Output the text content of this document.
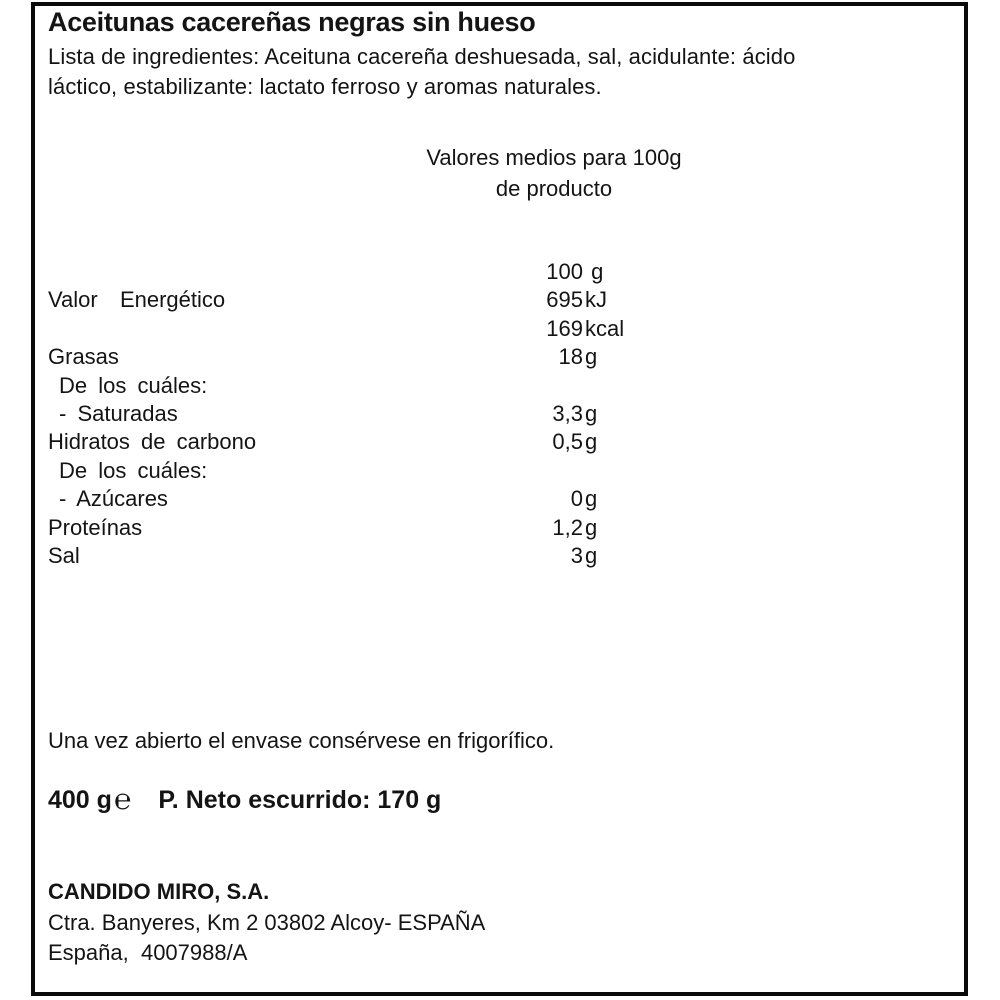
Aceitunas cacereñas negras sin hueso
Lista de ingredientes: Aceituna cacereña deshuesada, sal, acidulante: ácido
láctico, estabilizante: lactato ferroso y aromas naturales.
Valores medios para 100g
de producto
100 g
Valor  Energético	695 kJ
169 kcal
Grasas	18 g
De los cuáles:
- Saturadas	3,3 g
Hidratos de carbono	0,5 g
De los cuáles:
- Azúcares	0 g
Proteínas	1,2 g
Sal	3 g
Una vez abierto el envase consérvese en frigorífico.
400 g℮ P. Neto escurrido: 170 g
CANDIDO MIRO, S.A.
Ctra. Banyeres, Km 2 03802 Alcoy- ESPAÑA
España,  4007988/A
